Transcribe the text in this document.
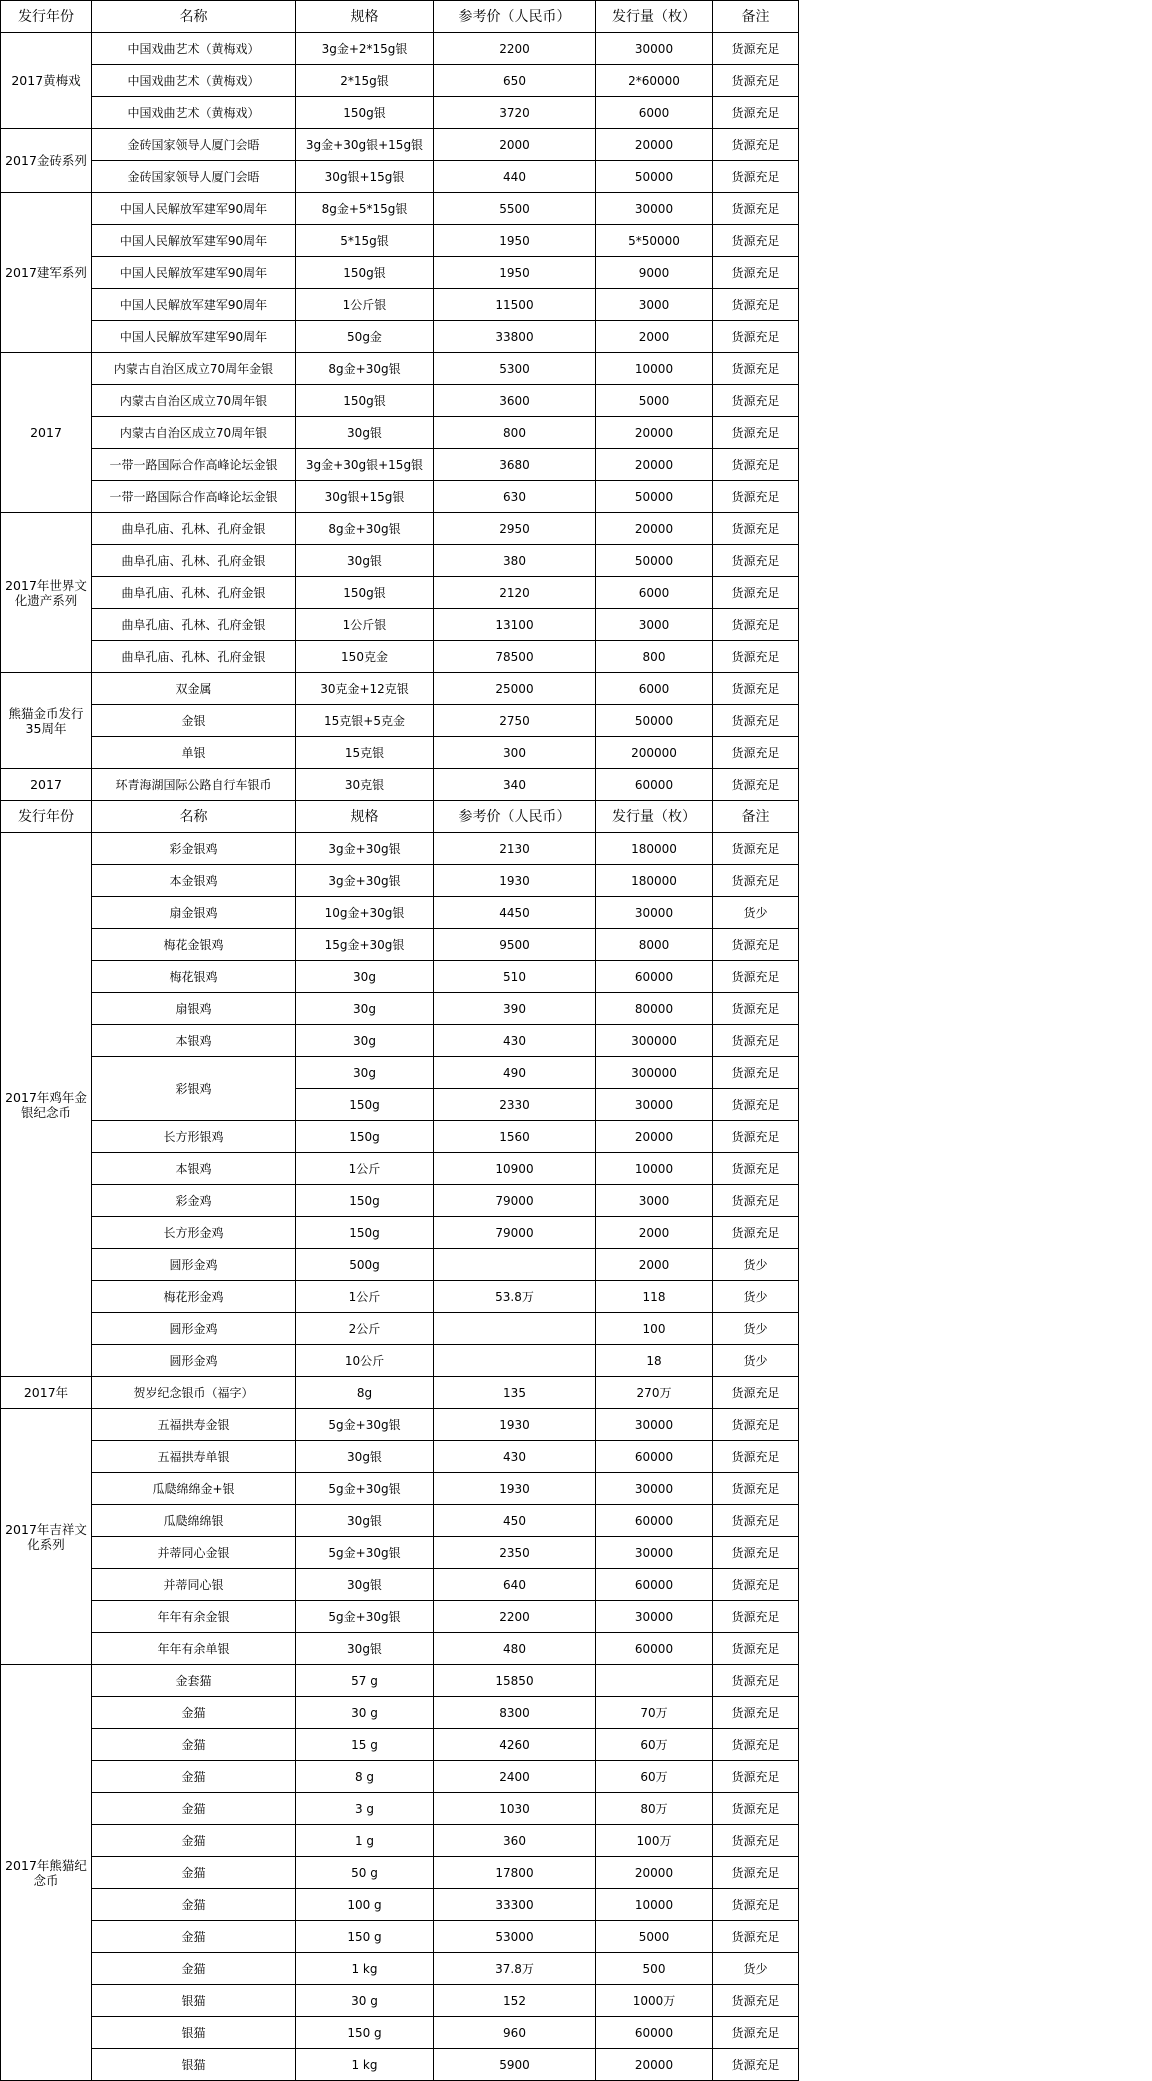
发行年份	名称	规格	参考价（人民币）	发行量（枚）	备注
2017黄梅戏	中国戏曲艺术（黄梅戏）	3g金+2*15g银	2200	30000	货源充足
	中国戏曲艺术（黄梅戏）	2*15g银	650	2*60000	货源充足
	中国戏曲艺术（黄梅戏）	150g银	3720	6000	货源充足
2017金砖系列	金砖国家领导人厦门会晤	3g金+30g银+15g银	2000	20000	货源充足
	金砖国家领导人厦门会晤	30g银+15g银	440	50000	货源充足
2017建军系列	中国人民解放军建军90周年	8g金+5*15g银	5500	30000	货源充足
	中国人民解放军建军90周年	5*15g银	1950	5*50000	货源充足
	中国人民解放军建军90周年	150g银	1950	9000	货源充足
	中国人民解放军建军90周年	1公斤银	11500	3000	货源充足
	中国人民解放军建军90周年	50g金	33800	2000	货源充足
2017	内蒙古自治区成立70周年金银	8g金+30g银	5300	10000	货源充足
	内蒙古自治区成立70周年银	150g银	3600	5000	货源充足
	内蒙古自治区成立70周年银	30g银	800	20000	货源充足
	一带一路国际合作高峰论坛金银	3g金+30g银+15g银	3680	20000	货源充足
	一带一路国际合作高峰论坛金银	30g银+15g银	630	50000	货源充足
2017年世界文化遗产系列	曲阜孔庙、孔林、孔府金银	8g金+30g银	2950	20000	货源充足
	曲阜孔庙、孔林、孔府金银	30g银	380	50000	货源充足
	曲阜孔庙、孔林、孔府金银	150g银	2120	6000	货源充足
	曲阜孔庙、孔林、孔府金银	1公斤银	13100	3000	货源充足
	曲阜孔庙、孔林、孔府金银	150克金	78500	800	货源充足
熊猫金币发行35周年	双金属	30克金+12克银	25000	6000	货源充足
	金银	15克银+5克金	2750	50000	货源充足
	单银	15克银	300	200000	货源充足
2017	环青海湖国际公路自行车银币	30克银	340	60000	货源充足
发行年份	名称	规格	参考价（人民币）	发行量（枚）	备注
2017年鸡年金银纪念币	彩金银鸡	3g金+30g银	2130	180000	货源充足
	本金银鸡	3g金+30g银	1930	180000	货源充足
	扇金银鸡	10g金+30g银	4450	30000	货少
	梅花金银鸡	15g金+30g银	9500	8000	货源充足
	梅花银鸡	30g	510	60000	货源充足
	扇银鸡	30g	390	80000	货源充足
	本银鸡	30g	430	300000	货源充足
	彩银鸡	30g	490	300000	货源充足
		150g	2330	30000	货源充足
	长方形银鸡	150g	1560	20000	货源充足
	本银鸡	1公斤	10900	10000	货源充足
	彩金鸡	150g	79000	3000	货源充足
	长方形金鸡	150g	79000	2000	货源充足
	圆形金鸡	500g		2000	货少
	梅花形金鸡	1公斤	53.8万	118	货少
	圆形金鸡	2公斤		100	货少
	圆形金鸡	10公斤		18	货少
2017年	贺岁纪念银币（福字）	8g	135	270万	货源充足
2017年吉祥文化系列	五福拱寿金银	5g金+30g银	1930	30000	货源充足
	五福拱寿单银	30g银	430	60000	货源充足
	瓜瓞绵绵金+银	5g金+30g银	1930	30000	货源充足
	瓜瓞绵绵银	30g银	450	60000	货源充足
	并蒂同心金银	5g金+30g银	2350	30000	货源充足
	并蒂同心银	30g银	640	60000	货源充足
	年年有余金银	5g金+30g银	2200	30000	货源充足
	年年有余单银	30g银	480	60000	货源充足
2017年熊猫纪念币	金套猫	57 g	15850		货源充足
	金猫	30 g	8300	70万	货源充足
	金猫	15 g	4260	60万	货源充足
	金猫	8 g	2400	60万	货源充足
	金猫	3 g	1030	80万	货源充足
	金猫	1 g	360	100万	货源充足
	金猫	50 g	17800	20000	货源充足
	金猫	100 g	33300	10000	货源充足
	金猫	150 g	53000	5000	货源充足
	金猫	1 kg	37.8万	500	货少
	银猫	30 g	152	1000万	货源充足
	银猫	150 g	960	60000	货源充足
	银猫	1 kg	5900	20000	货源充足
